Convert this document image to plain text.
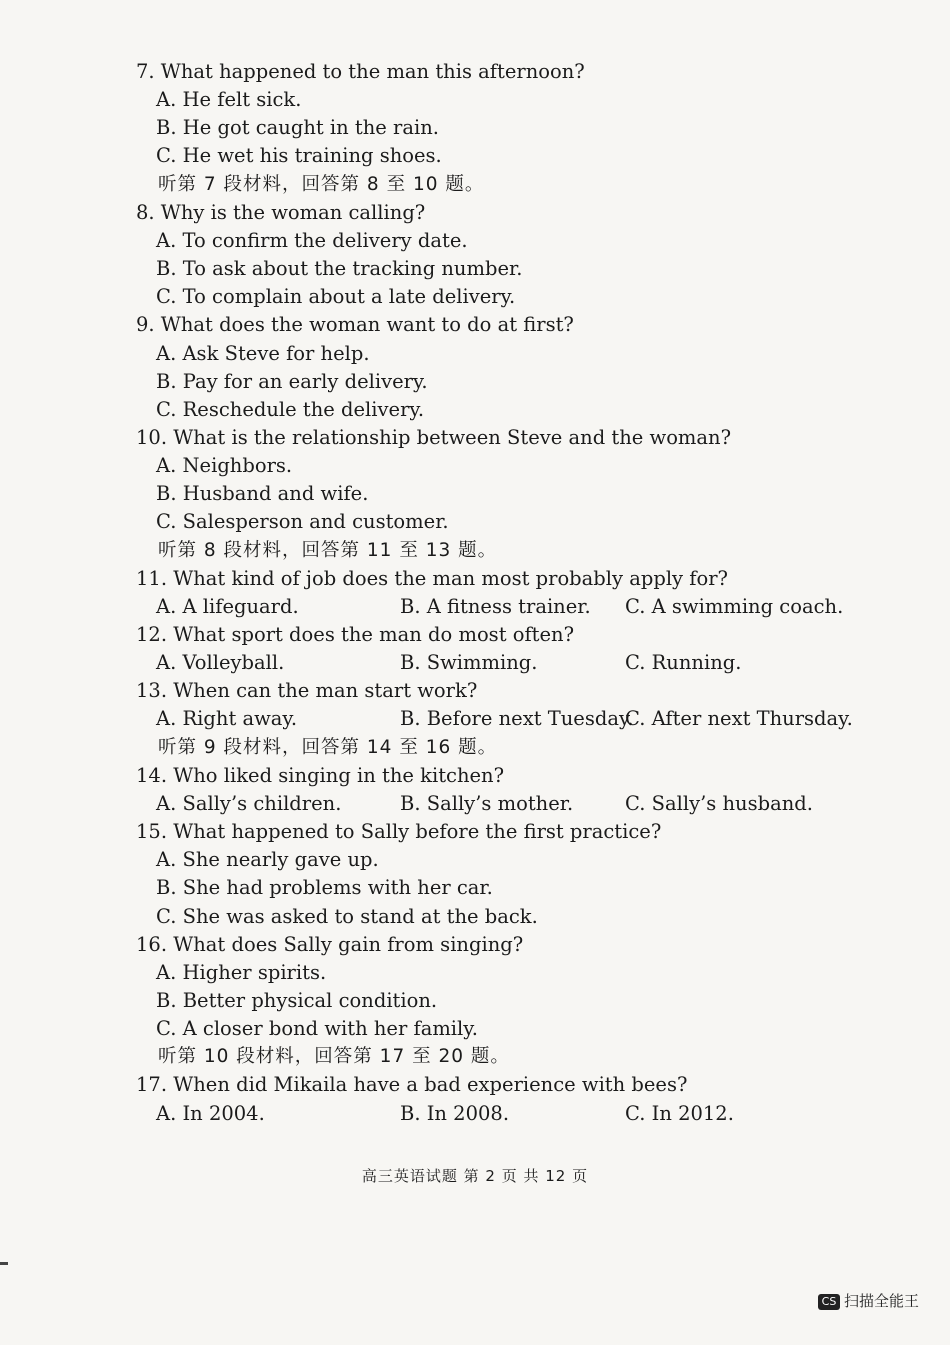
7. What happened to the man this afternoon?
A. He felt sick.
B. He got caught in the rain.
C. He wet his training shoes.
听第 7 段材料，回答第 8 至 10 题。
8. Why is the woman calling?
A. To confirm the delivery date.
B. To ask about the tracking number.
C. To complain about a late delivery.
9. What does the woman want to do at first?
A. Ask Steve for help.
B. Pay for an early delivery.
C. Reschedule the delivery.
10. What is the relationship between Steve and the woman?
A. Neighbors.
B. Husband and wife.
C. Salesperson and customer.
听第 8 段材料，回答第 11 至 13 题。
11. What kind of job does the man most probably apply for?
A. A lifeguard.	B. A fitness trainer. C. A swimming coach.
12. What sport does the man do most often?
A. Volleyball.	B. Swimming.	C. Running.
13. When can the man start work?
A. Right away.	B. Before next Tuesday.
C. After next Thursday.
听第 9 段材料，回答第 14 至 16 题。
14. Who liked singing in the kitchen?
A. Sally’s children.	B. Sally’s mother.	C. Sally’s husband.
15. What happened to Sally before the first practice?
A. She nearly gave up.
B. She had problems with her car.
C. She was asked to stand at the back.
16. What does Sally gain from singing?
A. Higher spirits.
B. Better physical condition.
C. A closer bond with her family.
听第 10 段材料，回答第 17 至 20 题。
17. When did Mikaila have a bad experience with bees?
A. In 2004.	B. In 2008.	C. In 2012.
高三英语试题 第 2 页 共 12 页
CS 扫描全能王
